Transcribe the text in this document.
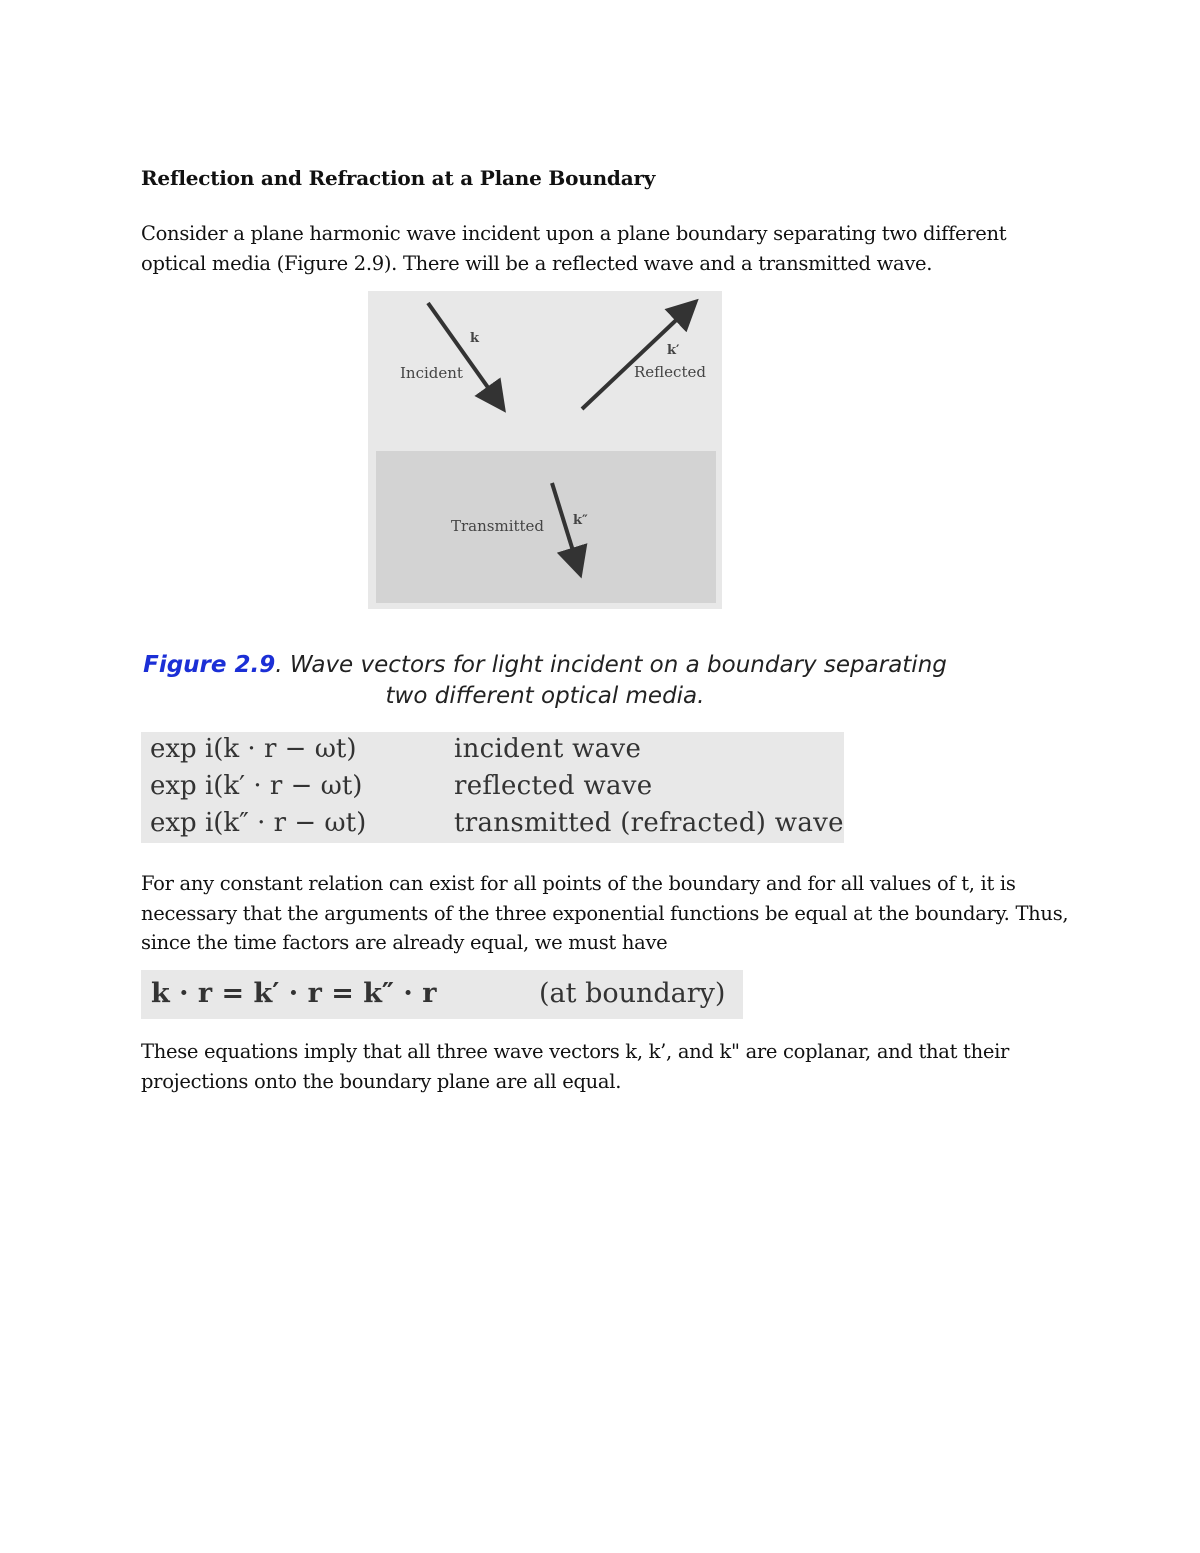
Reflection and Refraction at a Plane Boundary
Consider a plane harmonic wave incident upon a plane boundary separating two different optical media (Figure 2.9). There will be a reflected wave and a transmitted wave.
Incident
k
Reflected
k′
Transmitted k″
Figure 2.9. Wave vectors for light incident on a boundary separating two different optical media.
exp i(k · r − ωt)	incident wave
exp i(k′ · r − ωt)	reflected wave
exp i(k″ · r − ωt)	transmitted (refracted) wave
For any constant relation can exist for all points of the boundary and for all values of t, it is necessary that the arguments of the three exponential functions be equal at the boundary. Thus, since the time factors are already equal, we must have
k · r = k′ · r = k″ · r	(at boundary)
These equations imply that all three wave vectors k, k’, and k" are coplanar, and that their projections onto the boundary plane are all equal.
